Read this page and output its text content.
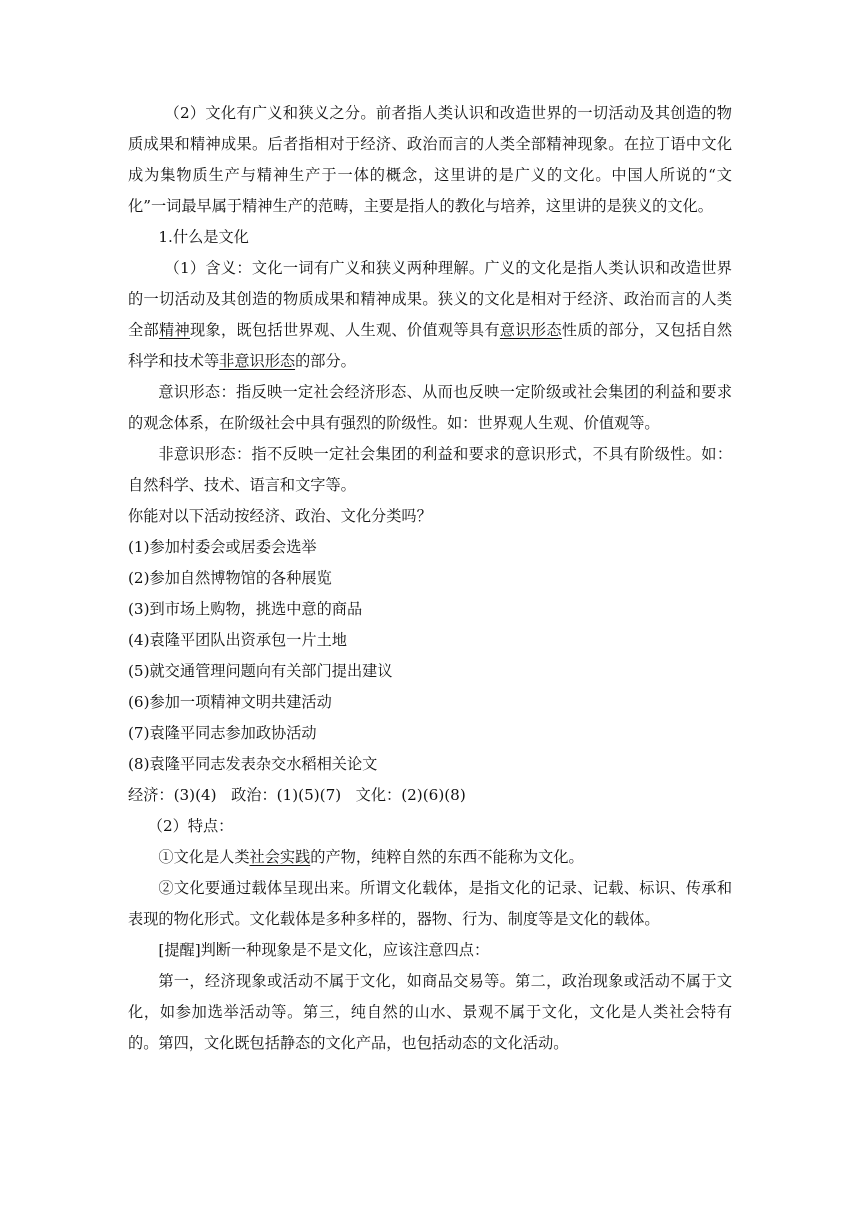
（2）文化有广义和狭义之分。前者指人类认识和改造世界的一切活动及其创造的物质成果和精神成果。后者指相对于经济、政治而言的人类全部精神现象。在拉丁语中文化成为集物质生产与精神生产于一体的概念，这里讲的是广义的文化。中国人所说的“文化”一词最早属于精神生产的范畴，主要是指人的教化与培养，这里讲的是狭义的文化。

1.什么是文化

（1）含义：文化一词有广义和狭义两种理解。广义的文化是指人类认识和改造世界的一切活动及其创造的物质成果和精神成果。狭义的文化是相对于经济、政治而言的人类全部精神现象，既包括世界观、人生观、价值观等具有意识形态性质的部分，又包括自然科学和技术等非意识形态的部分。

意识形态：指反映一定社会经济形态、从而也反映一定阶级或社会集团的利益和要求的观念体系，在阶级社会中具有强烈的阶级性。如：世界观人生观、价值观等。

非意识形态：指不反映一定社会集团的利益和要求的意识形式，不具有阶级性。如：自然科学、技术、语言和文字等。

你能对以下活动按经济、政治、文化分类吗？

(1)参加村委会或居委会选举

(2)参加自然博物馆的各种展览

(3)到市场上购物，挑选中意的商品

(4)袁隆平团队出资承包一片土地

(5)就交通管理问题向有关部门提出建议

(6)参加一项精神文明共建活动

(7)袁隆平同志参加政协活动

(8)袁隆平同志发表杂交水稻相关论文

经济：(3)(4)   政治：(1)(5)(7)   文化：(2)(6)(8)

（2）特点：

①文化是人类社会实践的产物，纯粹自然的东西不能称为文化。

②文化要通过载体呈现出来。所谓文化载体，是指文化的记录、记载、标识、传承和表现的物化形式。文化载体是多种多样的，器物、行为、制度等是文化的载体。

[提醒]判断一种现象是不是文化，应该注意四点：

第一，经济现象或活动不属于文化，如商品交易等。第二，政治现象或活动不属于文化，如参加选举活动等。第三，纯自然的山水、景观不属于文化，文化是人类社会特有的。第四，文化既包括静态的文化产品，也包括动态的文化活动。
